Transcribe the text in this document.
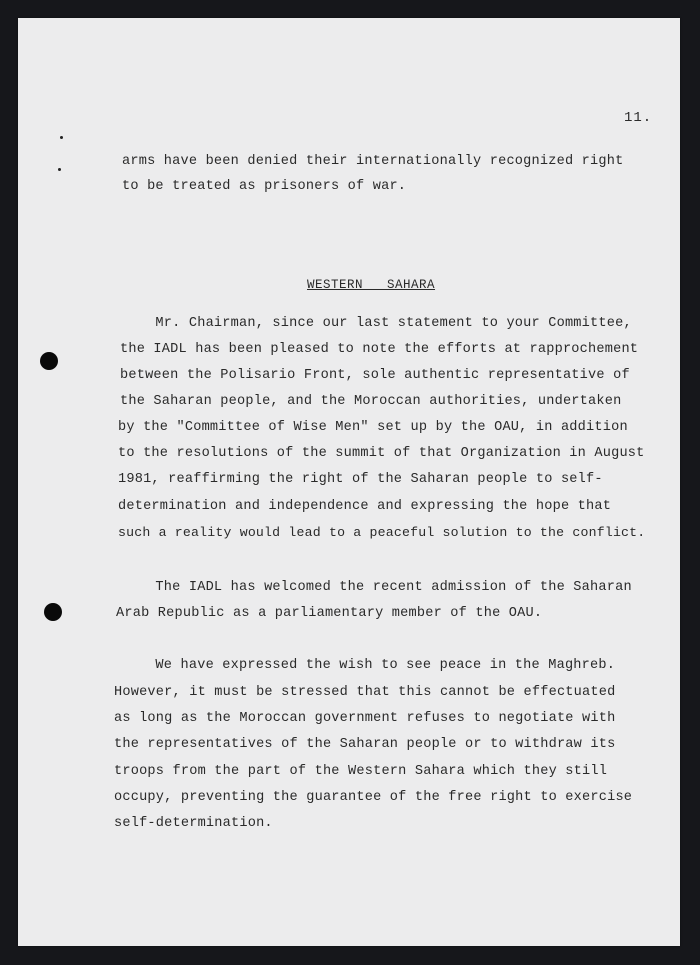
11.
arms have been denied their internationally recognized right
to be treated as prisoners of war.
WESTERN   SAHARA
Mr. Chairman, since our last statement to your Committee,
the IADL has been pleased to note the efforts at rapprochement
between the Polisario Front, sole authentic representative of
the Saharan people, and the Moroccan authorities, undertaken
by the "Committee of Wise Men" set up by the OAU, in addition
to the resolutions of the summit of that Organization in August
1981, reaffirming the right of the Saharan people to self-
determination and independence and expressing the hope that
such a reality would lead to a peaceful solution to the conflict.
The IADL has welcomed the recent admission of the Saharan
Arab Republic as a parliamentary member of the OAU.
We have expressed the wish to see peace in the Maghreb.
However, it must be stressed that this cannot be effectuated
as long as the Moroccan government refuses to negotiate with
the representatives of the Saharan people or to withdraw its
troops from the part of the Western Sahara which they still
occupy, preventing the guarantee of the free right to exercise
self-determination.
